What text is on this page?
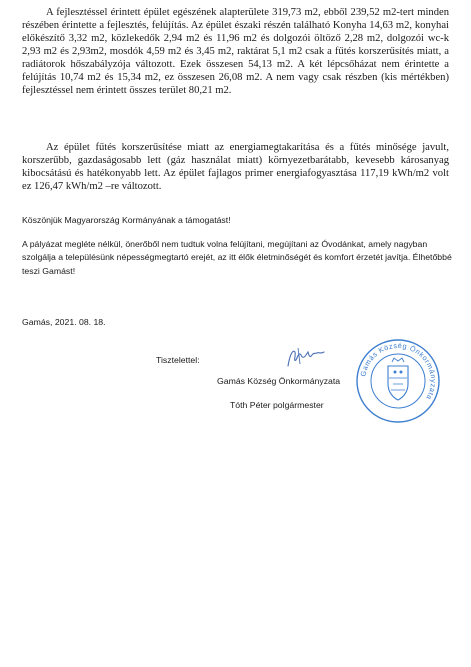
A fejlesztéssel érintett épület egészének alapterülete 319,73 m2, ebből 239,52 m2-tert minden részében érintette a fejlesztés, felújítás. Az épület északi részén található Konyha 14,63 m2, konyhai előkészítő 3,32 m2, közlekedők 2,94 m2 és 11,96 m2 és dolgozói öltöző 2,28 m2, dolgozói wc-k 2,93 m2 és 2,93m2, mosdók 4,59 m2 és 3,45 m2, raktárat 5,1 m2 csak a fűtés korszerűsítés miatt, a radiátorok hőszabályzója változott. Ezek összesen 54,13 m2. A két lépcsőházat nem érintette a felújítás 10,74 m2 és 15,34 m2, ez összesen 26,08 m2. A nem vagy csak részben (kis mértékben) fejlesztéssel nem érintett összes terület 80,21 m2.

Az épület fűtés korszerűsítése miatt az energiamegtakarítása és a fűtés minősége javult, korszerűbb, gazdaságosabb lett (gáz használat miatt) környezetbarátabb, kevesebb károsanyag kibocsátású és hatékonyabb lett. Az épület fajlagos primer energiafogyasztása 117,19 kWh/m2 volt ez 126,47 kWh/m2 –re változott.

Köszönjük Magyarország Kormányának a támogatást!

A pályázat megléte nélkül, önerőből nem tudtuk volna felújítani, megújítani az Óvodánkat, amely nagyban szolgálja a településünk népességmegtartó erejét, az itt élők életminőségét és komfort érzetét javítja. Élhetőbbé teszi Gamást!

Gamás, 2021. 08. 18.

Tisztelettel:

Gamás Község Önkormányzata

Tóth Péter polgármester

Gamás Község Önkormányzata
